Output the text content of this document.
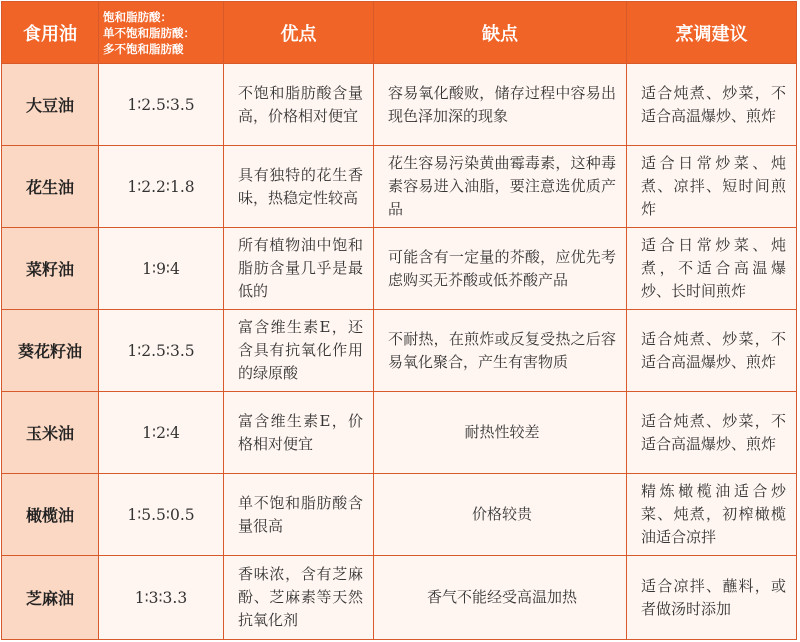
食用油	饱和脂肪酸：
单不饱和脂肪酸：
多不饱和脂肪酸	优点	缺点	烹调建议
大豆油	1∶2.5∶3.5	不饱和脂肪酸含量高，价格相对便宜	容易氧化酸败，储存过程中容易出现色泽加深的现象	适合炖煮、炒菜，不适合高温爆炒、煎炸
花生油	1∶2.2∶1.8	具有独特的花生香味，热稳定性较高	花生容易污染黄曲霉毒素，这种毒素容易进入油脂，要注意选优质产品	适合日常炒菜、炖煮、凉拌、短时间煎炸
菜籽油	1∶9∶4	所有植物油中饱和脂肪含量几乎是最低的	可能含有一定量的芥酸，应优先考虑购买无芥酸或低芥酸产品	适合日常炒菜、炖煮，不适合高温爆炒、长时间煎炸
葵花籽油	1∶2.5∶3.5	富含维生素E，还含具有抗氧化作用的绿原酸	不耐热，在煎炸或反复受热之后容易氧化聚合，产生有害物质	适合炖煮、炒菜，不适合高温爆炒、煎炸
玉米油	1∶2∶4	富含维生素E，价格相对便宜	耐热性较差	适合炖煮、炒菜，不适合高温爆炒、煎炸
橄榄油	1∶5.5∶0.5	单不饱和脂肪酸含量很高	价格较贵	精炼橄榄油适合炒菜、炖煮，初榨橄榄油适合凉拌
芝麻油	1∶3∶3.3	香味浓，含有芝麻酚、芝麻素等天然抗氧化剂	香气不能经受高温加热	适合凉拌、蘸料，或者做汤时添加
